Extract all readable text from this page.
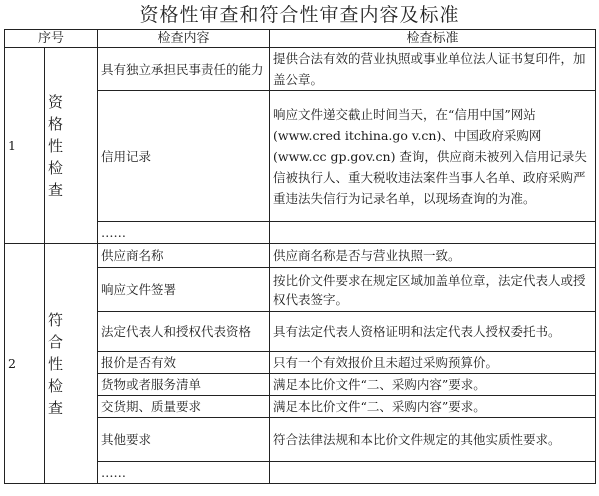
资格性审查和符合性审查内容及标准
序号		检查内容	检查标准
1	资格性检查	具有独立承担民事责任的能力	提供合法有效的营业执照或事业单位法人证书复印件，加盖公章。
		信用记录	响应文件递交截止时间当天，在“信用中国”网站(www.cred itchina.go v.cn)、中国政府采购网(www.cc gp.gov.cn) 查询，供应商未被列入信用记录失信被执行人、重大税收违法案件当事人名单、政府采购严重违法失信行为记录名单，以现场查询的为准。
		……	
2	符合性检查	供应商名称	供应商名称是否与营业执照一致。
		响应文件签署	按比价文件要求在规定区域加盖单位章，法定代表人或授权代表签字。
		法定代表人和授权代表资格	具有法定代表人资格证明和法定代表人授权委托书。
		报价是否有效	只有一个有效报价且未超过采购预算价。
		货物或者服务清单	满足本比价文件“二、采购内容”要求。
		交货期、质量要求	满足本比价文件“二、采购内容”要求。
		其他要求	符合法律法规和本比价文件规定的其他实质性要求。
		……	
